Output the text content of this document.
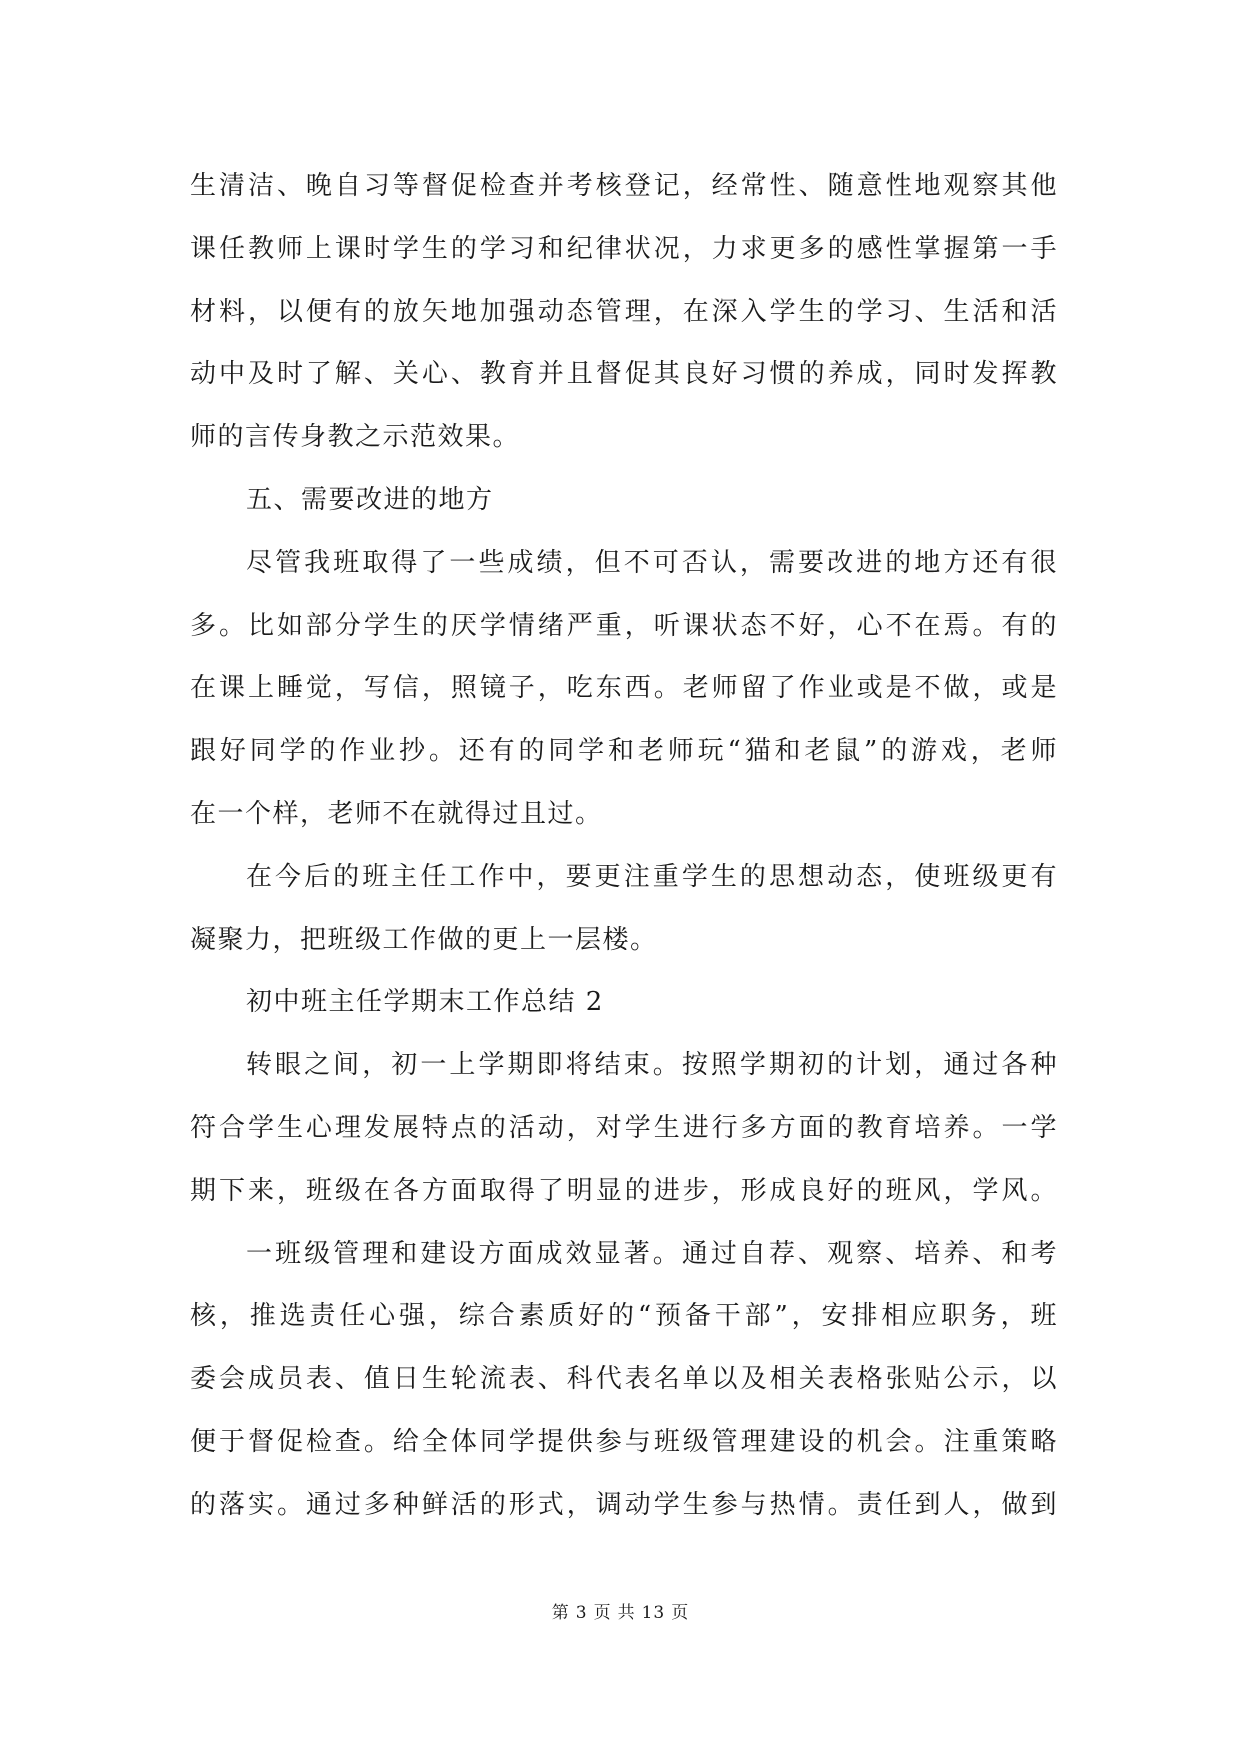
生清洁、晚自习等督促检查并考核登记，经常性、随意性地观察其他
课任教师上课时学生的学习和纪律状况，力求更多的感性掌握第一手
材料，以便有的放矢地加强动态管理，在深入学生的学习、生活和活
动中及时了解、关心、教育并且督促其良好习惯的养成，同时发挥教
师的言传身教之示范效果。
五、需要改进的地方
尽管我班取得了一些成绩，但不可否认，需要改进的地方还有很
多。比如部分学生的厌学情绪严重，听课状态不好，心不在焉。有的
在课上睡觉，写信，照镜子，吃东西。老师留了作业或是不做，或是
跟好同学的作业抄。还有的同学和老师玩“猫和老鼠”的游戏，老师
在一个样，老师不在就得过且过。
在今后的班主任工作中，要更注重学生的思想动态，使班级更有
凝聚力，把班级工作做的更上一层楼。
初中班主任学期末工作总结 2
转眼之间，初一上学期即将结束。按照学期初的计划，通过各种
符合学生心理发展特点的活动，对学生进行多方面的教育培养。一学
期下来，班级在各方面取得了明显的进步，形成良好的班风，学风。
一班级管理和建设方面成效显著。通过自荐、观察、培养、和考
核，推选责任心强，综合素质好的“预备干部”，安排相应职务，班
委会成员表、值日生轮流表、科代表名单以及相关表格张贴公示，以
便于督促检查。给全体同学提供参与班级管理建设的机会。注重策略
的落实。通过多种鲜活的形式，调动学生参与热情。责任到人，做到
第 3 页 共 13 页
